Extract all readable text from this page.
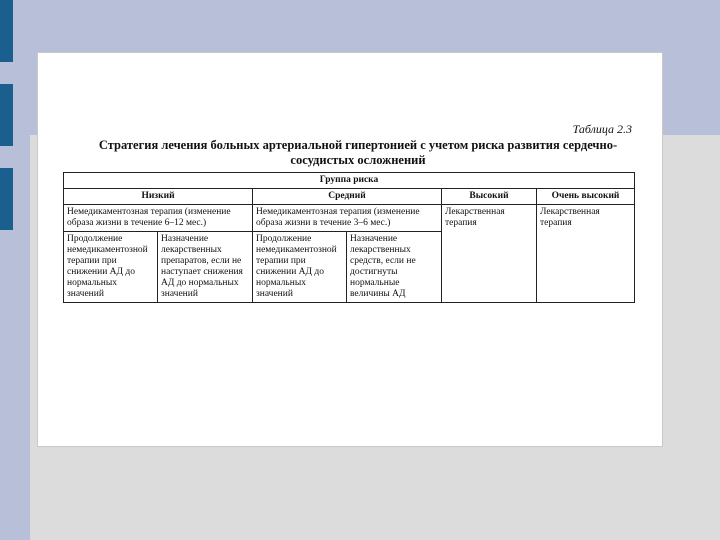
Таблица 2.3
Стратегия лечения больных артериальной гипертонией с учетом риска развития сердечно-сосудистых осложнений
Группа риска					
Низкий		Средний		Высокий	Очень высокий
Немедикаментозная терапия (изменение образа жизни в течение 6–12 мес.)		Немедикаментозная терапия (изменение образа жизни в течение 3–6 мес.)		Лекарственная терапия	Лекарственная терапия
Продолжение немедикаментозной терапии при снижении АД до нормальных значений	Назначение лекарственных препаратов, если не наступает снижения АД до нормальных значений	Продолжение немедикаментозной терапии при снижении АД до нормальных значений	Назначение лекарственных средств, если не достигнуты нормальные величины АД		
